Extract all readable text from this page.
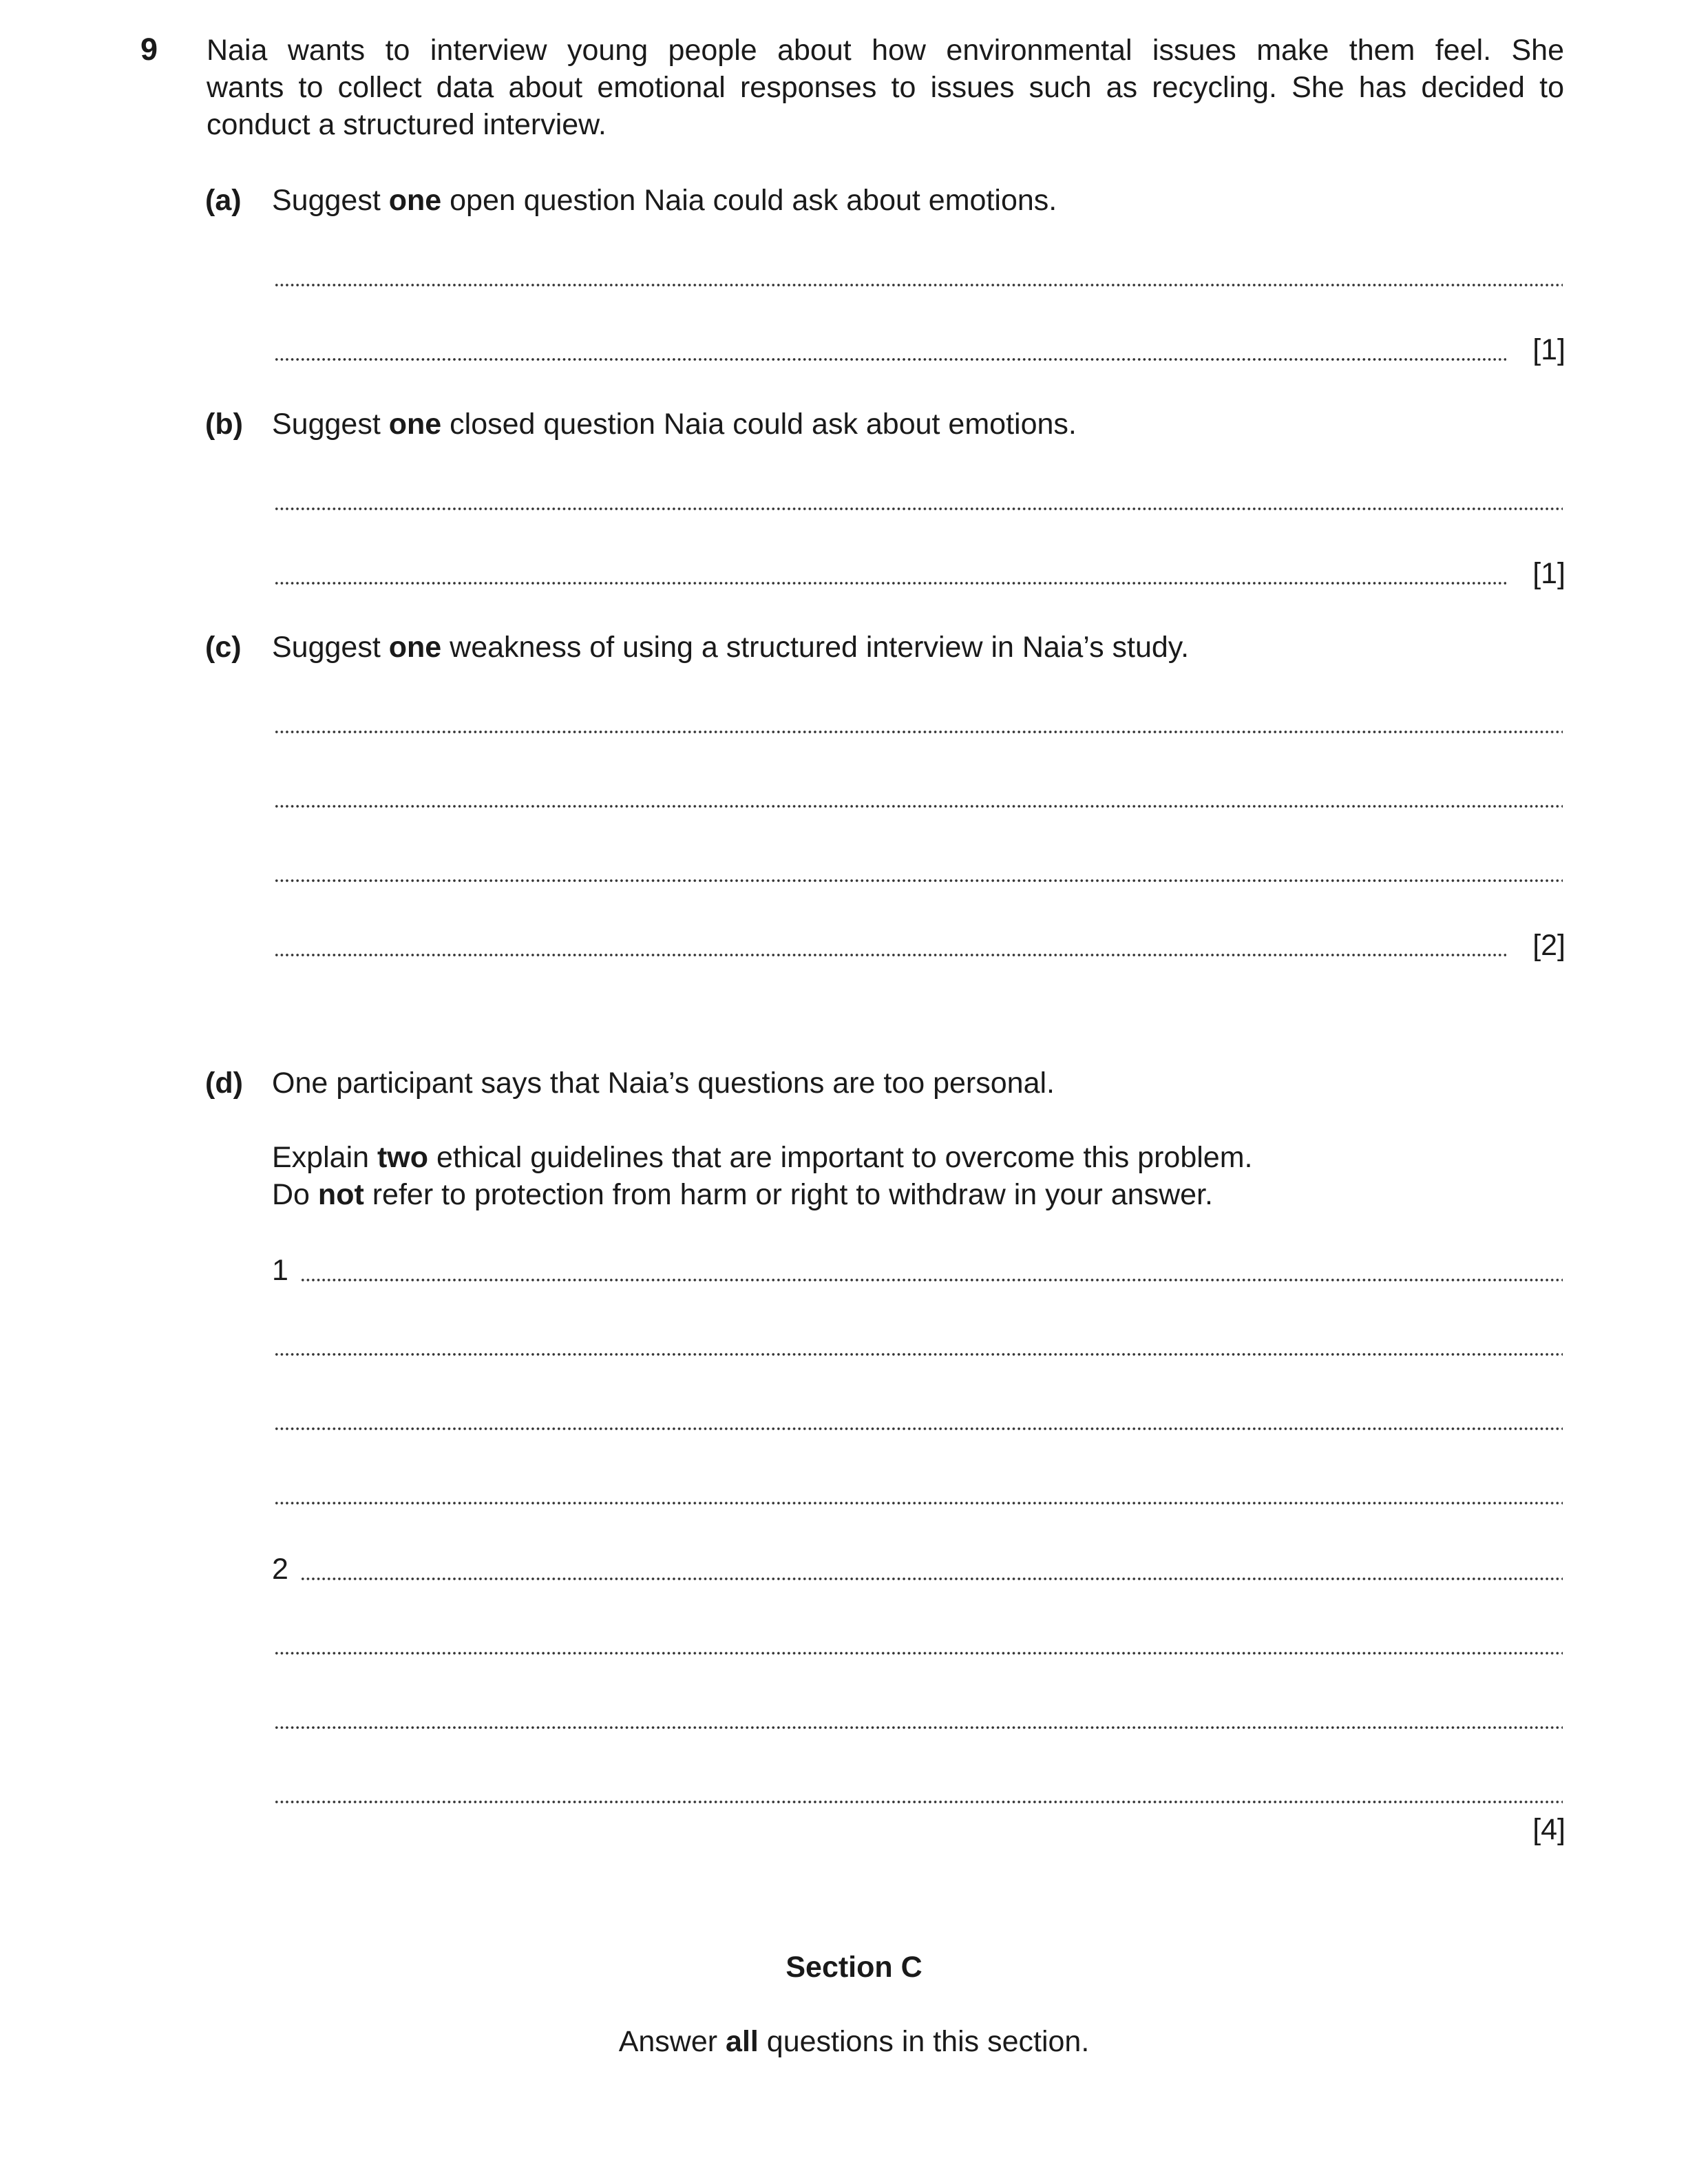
9 Naia wants to interview young people about how environmental issues make them feel. She
wants to collect data about emotional responses to issues such as recycling. She has decided to
conduct a structured interview.
(a) Suggest one open question Naia could ask about emotions.
[1]
(b) Suggest one closed question Naia could ask about emotions.
[1]
(c) Suggest one weakness of using a structured interview in Naia’s study.
[2]
(d) One participant says that Naia’s questions are too personal.
Explain two ethical guidelines that are important to overcome this problem.
Do not refer to protection from harm or right to withdraw in your answer.
1
2
[4]
Section C
Answer all questions in this section.
